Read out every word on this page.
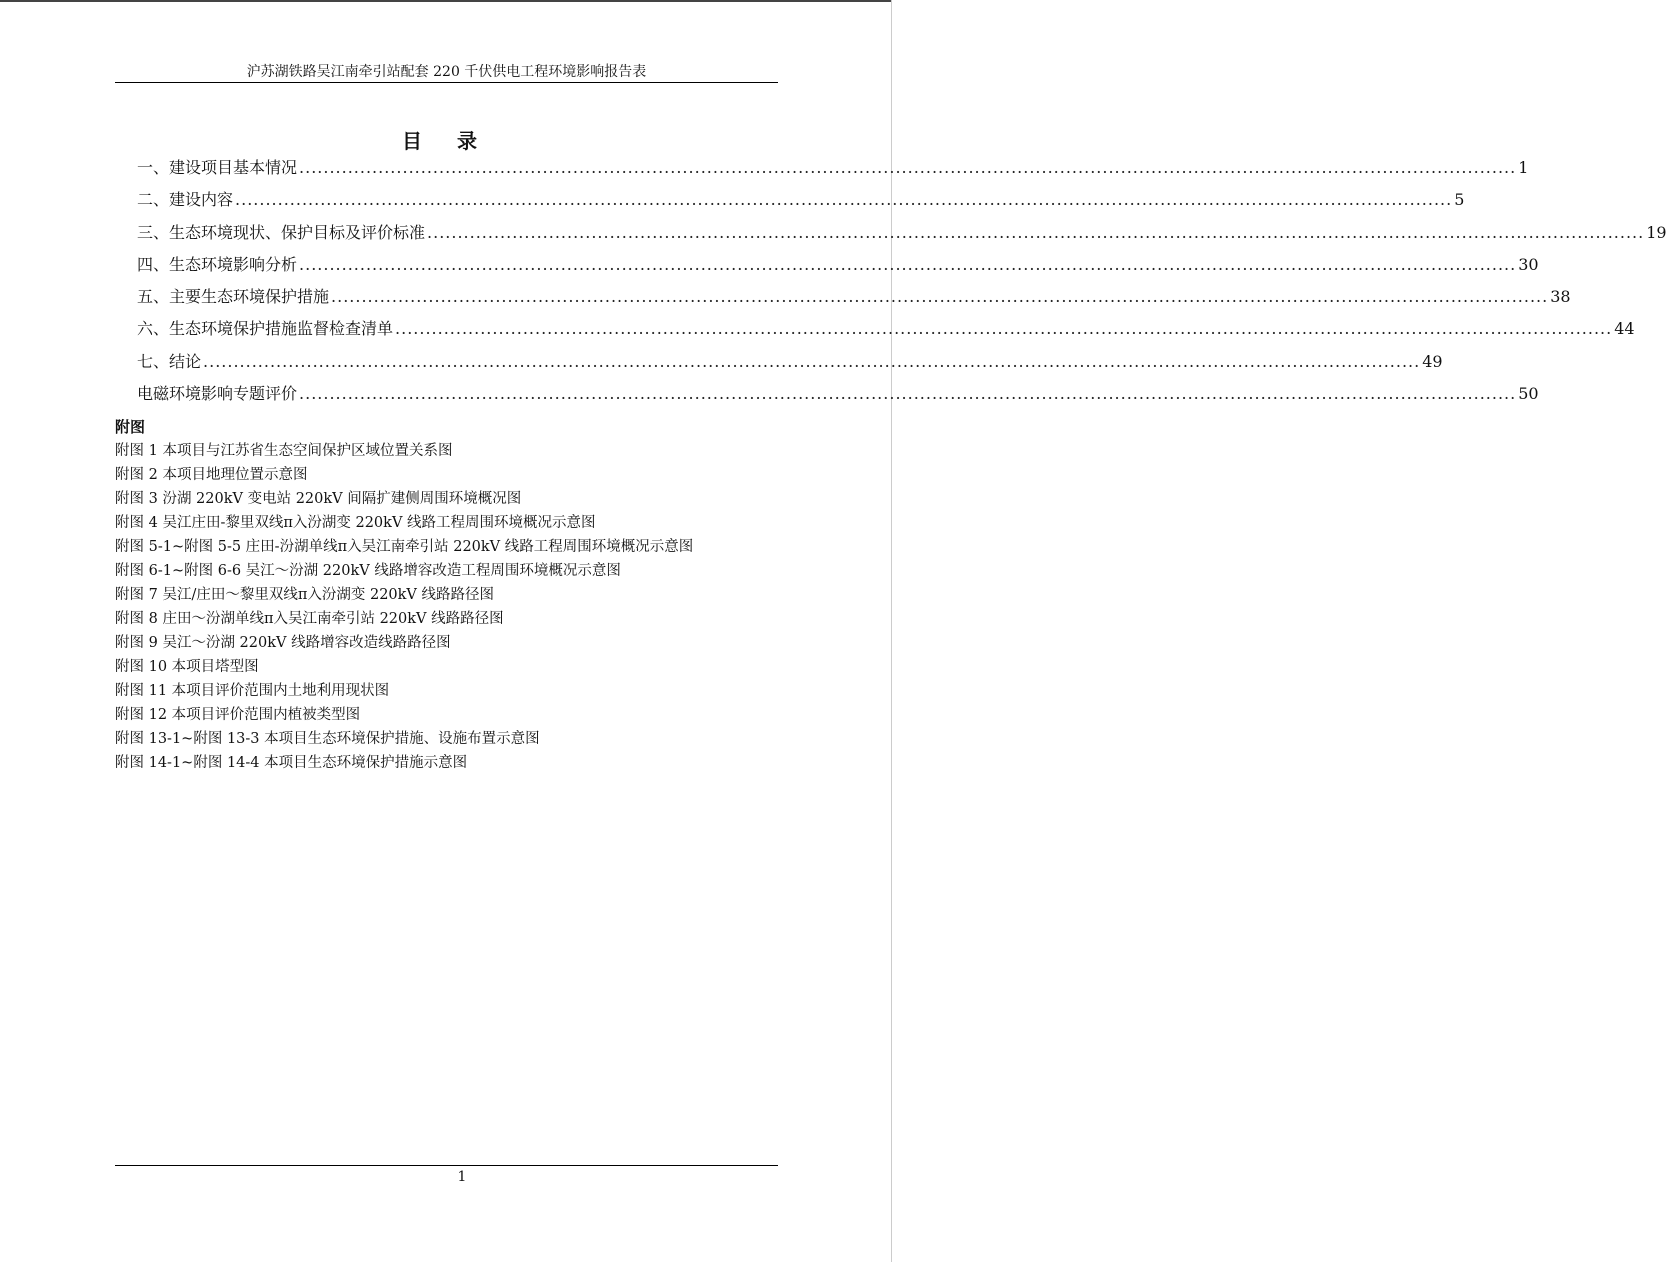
沪苏湖铁路吴江南牵引站配套 220 千伏供电工程环境影响报告表
目 录
一、建设项目基本情况 ........................................................................................................................................................................................................ 1
二、建设内容 ........................................................................................................................................................................................................ 5
三、生态环境现状、保护目标及评价标准 ........................................................................................................................................................................................................ 19
四、生态环境影响分析 ........................................................................................................................................................................................................ 30
五、主要生态环境保护措施 ........................................................................................................................................................................................................ 38
六、生态环境保护措施监督检查清单 ........................................................................................................................................................................................................ 44
七、结论 ........................................................................................................................................................................................................ 49
电磁环境影响专题评价 ........................................................................................................................................................................................................ 50
附图
附图 1 本项目与江苏省生态空间保护区域位置关系图
附图 2 本项目地理位置示意图
附图 3 汾湖 220kV 变电站 220kV 间隔扩建侧周围环境概况图
附图 4 吴江庄田-黎里双线π入汾湖变 220kV 线路工程周围环境概况示意图
附图 5-1~附图 5-5 庄田-汾湖单线π入吴江南牵引站 220kV 线路工程周围环境概况示意图
附图 6-1~附图 6-6 吴江～汾湖 220kV 线路增容改造工程周围环境概况示意图
附图 7 吴江/庄田～黎里双线π入汾湖变 220kV 线路路径图
附图 8 庄田～汾湖单线π入吴江南牵引站 220kV 线路路径图
附图 9 吴江～汾湖 220kV 线路增容改造线路路径图
附图 10 本项目塔型图
附图 11 本项目评价范围内土地利用现状图
附图 12 本项目评价范围内植被类型图
附图 13-1~附图 13-3 本项目生态环境保护措施、设施布置示意图
附图 14-1~附图 14-4 本项目生态环境保护措施示意图
1
